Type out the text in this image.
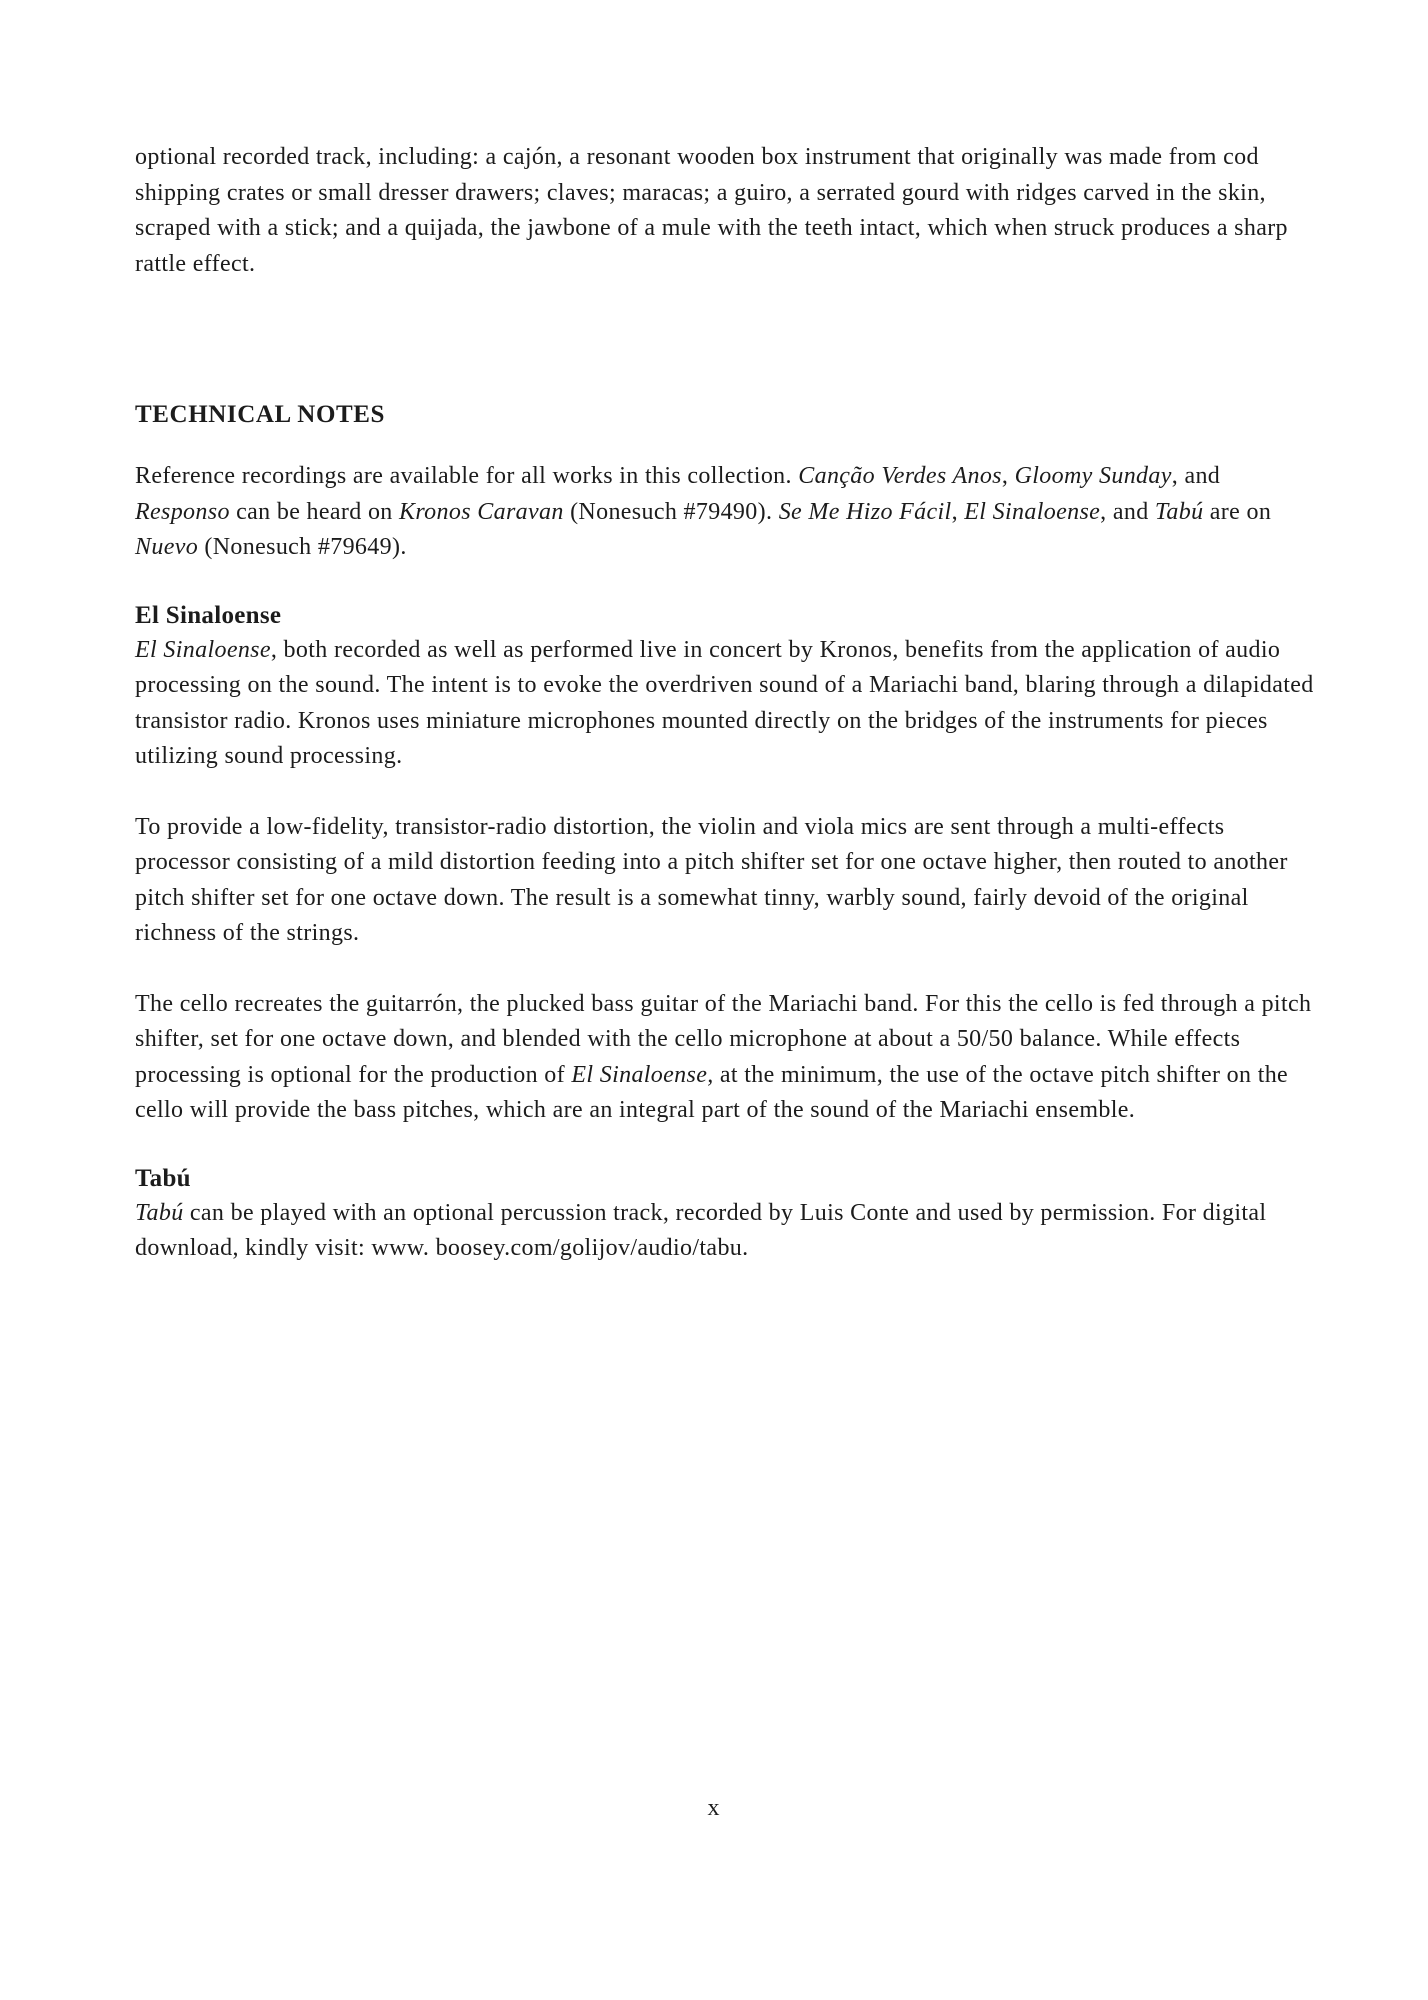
optional recorded track, including: a cajón, a resonant wooden box instrument that originally was made from cod shipping crates or small dresser drawers; claves; maracas; a guiro, a serrated gourd with ridges carved in the skin, scraped with a stick; and a quijada, the jawbone of a mule with the teeth intact, which when struck produces a sharp rattle effect.

TECHNICAL NOTES

Reference recordings are available for all works in this collection. Canção Verdes Anos, Gloomy Sunday, and Responso can be heard on Kronos Caravan (Nonesuch #79490). Se Me Hizo Fácil, El Sinaloense, and Tabú are on Nuevo (Nonesuch #79649).

El Sinaloense

El Sinaloense, both recorded as well as performed live in concert by Kronos, benefits from the application of audio processing on the sound. The intent is to evoke the overdriven sound of a Mariachi band, blaring through a dilapidated transistor radio. Kronos uses miniature microphones mounted directly on the bridges of the instruments for pieces utilizing sound processing.

To provide a low-fidelity, transistor-radio distortion, the violin and viola mics are sent through a multi-effects processor consisting of a mild distortion feeding into a pitch shifter set for one octave higher, then routed to another pitch shifter set for one octave down. The result is a somewhat tinny, warbly sound, fairly devoid of the original richness of the strings.

The cello recreates the guitarrón, the plucked bass guitar of the Mariachi band. For this the cello is fed through a pitch shifter, set for one octave down, and blended with the cello microphone at about a 50/50 balance. While effects processing is optional for the production of El Sinaloense, at the minimum, the use of the octave pitch shifter on the cello will provide the bass pitches, which are an integral part of the sound of the Mariachi ensemble.

Tabú

Tabú can be played with an optional percussion track, recorded by Luis Conte and used by permission. For digital download, kindly visit: www. boosey.com/golijov/audio/tabu.

x
